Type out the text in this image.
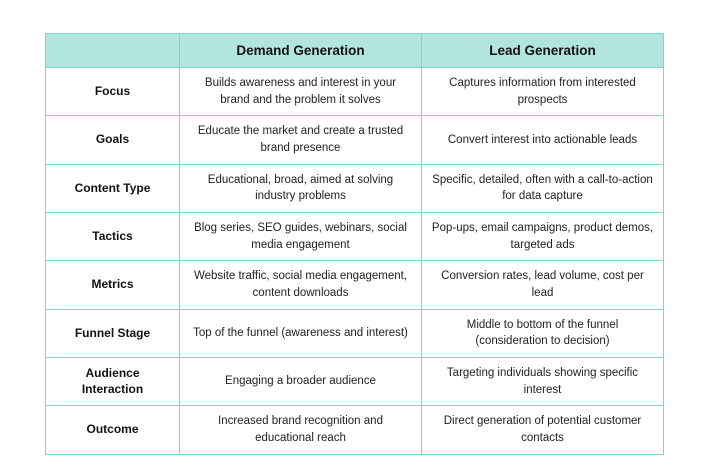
	Demand Generation	Lead Generation
Focus	Builds awareness and interest in your brand and the problem it solves	Captures information from interested prospects
Goals	Educate the market and create a trusted brand presence	Convert interest into actionable leads
Content Type	Educational, broad, aimed at solving industry problems	Specific, detailed, often with a call-to-action for data capture
Tactics	Blog series, SEO guides, webinars, social media engagement	Pop-ups, email campaigns, product demos, targeted ads
Metrics	Website traffic, social media engagement, content downloads	Conversion rates, lead volume, cost per lead
Funnel Stage	Top of the funnel (awareness and interest)	Middle to bottom of the funnel (consideration to decision)
Audience Interaction	Engaging a broader audience	Targeting individuals showing specific interest
Outcome	Increased brand recognition and educational reach	Direct generation of potential customer contacts
